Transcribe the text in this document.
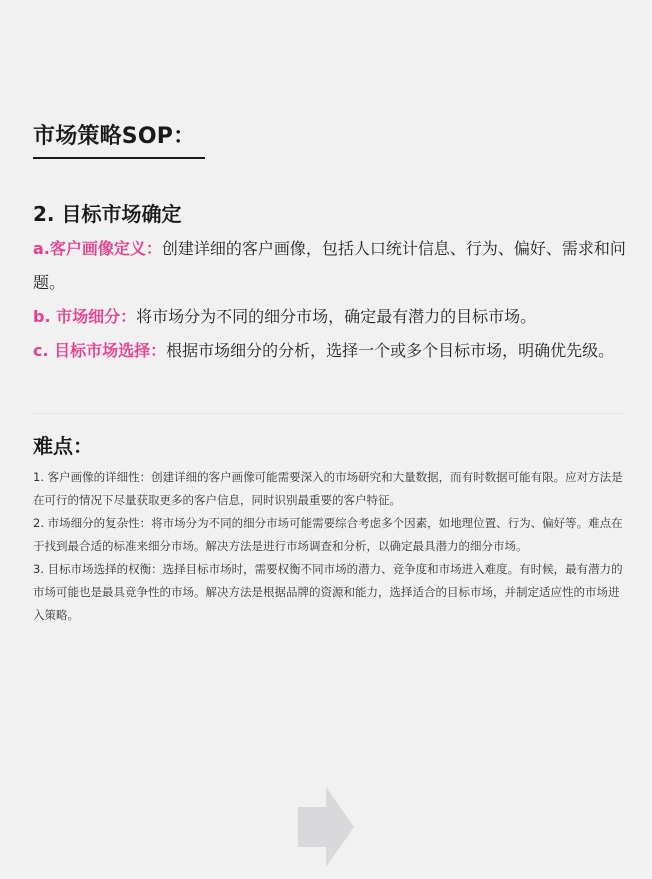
市场策略SOP：
2. 目标市场确定

a.客户画像定义：创建详细的客户画像，包括人口统计信息、行为、偏好、需求和问题。

b. 市场细分：将市场分为不同的细分市场，确定最有潜力的目标市场。

c. 目标市场选择：根据市场细分的分析，选择一个或多个目标市场，明确优先级。

难点：

1. 客户画像的详细性：创建详细的客户画像可能需要深入的市场研究和大量数据，而有时数据可能有限。应对方法是在可行的情况下尽量获取更多的客户信息，同时识别最重要的客户特征。

2. 市场细分的复杂性：将市场分为不同的细分市场可能需要综合考虑多个因素，如地理位置、行为、偏好等。难点在于找到最合适的标准来细分市场。解决方法是进行市场调查和分析，以确定最具潜力的细分市场。

3. 目标市场选择的权衡：选择目标市场时，需要权衡不同市场的潜力、竞争度和市场进入难度。有时候，最有潜力的市场可能也是最具竞争性的市场。解决方法是根据品牌的资源和能力，选择适合的目标市场，并制定适应性的市场进入策略。
